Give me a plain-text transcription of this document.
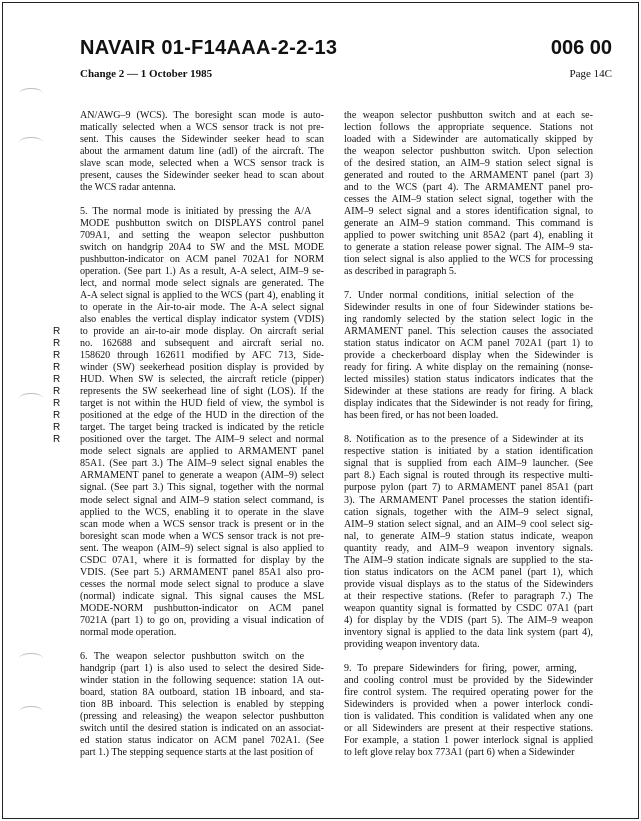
NAVAIR 01-F14AAA-2-2-13	006 00
Change 2 — 1 October 1985	Page 14C
AN/AWG–9 (WCS). The boresight scan mode is auto-
matically selected when a WCS sensor track is not pre-
sent. This causes the Sidewinder seeker head to scan
about the armament datum line (adl) of the aircraft. The
slave scan mode, selected when a WCS sensor track is
present, causes the Sidewinder seeker head to scan about
the WCS radar antenna.
5. The normal mode is initiated by pressing the A/A
MODE pushbutton switch on DISPLAYS control panel
709A1, and setting the weapon selector pushbutton
switch on handgrip 20A4 to SW and the MSL MODE
pushbutton-indicator on ACM panel 702A1 for NORM
operation. (See part 1.) As a result, A-A select, AIM–9 se-
lect, and normal mode select signals are generated. The
A-A select signal is applied to the WCS (part 4), enabling it
to operate in the Air-to-air mode. The A-A select signal
also enables the vertical display indicator system (VDIS)
to provide an air-to-air mode display. On aircraft serial
R
no. 162688 and subsequent and aircraft serial no.
R
158620 through 162611 modified by AFC 713, Side-
R
winder (SW) seekerhead position display is provided by
R
HUD. When SW is selected, the aircraft reticle (pipper)
R
represents the SW seekerhead line of sight (LOS). If the
R
target is not within the HUD field of view, the symbol is
R
positioned at the edge of the HUD in the direction of the
R
target. The target being tracked is indicated by the reticle
R
positioned over the target. The AIM–9 select and normal
R
mode select signals are applied to ARMAMENT panel
85A1. (See part 3.) The AIM–9 select signal enables the
ARMAMENT panel to generate a weapon (AIM–9) select
signal. (See part 3.) This signal, together with the normal
mode select signal and AIM–9 station select command, is
applied to the WCS, enabling it to operate in the slave
scan mode when a WCS sensor track is present or in the
boresight scan mode when a WCS sensor track is not pre-
sent. The weapon (AIM–9) select signal is also applied to
CSDC 07A1, where it is formatted for display by the
VDIS. (See part 5.) ARMAMENT panel 85A1 also pro-
cesses the normal mode select signal to produce a slave
(normal) indicate signal. This signal causes the MSL
MODE-NORM pushbutton-indicator on ACM panel
7021A (part 1) to go on, providing a visual indication of
normal mode operation.
6. The weapon selector pushbutton switch on the
handgrip (part 1) is also used to select the desired Side-
winder station in the following sequence: station 1A out-
board, station 8A outboard, station 1B inboard, and sta-
tion 8B inboard. This selection is enabled by stepping
(pressing and releasing) the weapon selector pushbutton
switch until the desired station is indicated on an associat-
ed station status indicator on ACM panel 702A1. (See
part 1.) The stepping sequence starts at the last position of
the weapon selector pushbutton switch and at each se-
lection follows the appropriate sequence. Stations not
loaded with a Sidewinder are automatically skipped by
the weapon selector pushbutton switch. Upon selection
of the desired station, an AIM–9 station select signal is
generated and routed to the ARMAMENT panel (part 3)
and to the WCS (part 4). The ARMAMENT panel pro-
cesses the AIM–9 station select signal, together with the
AIM–9 select signal and a stores identification signal, to
generate an AIM–9 station command. This command is
applied to power switching unit 85A2 (part 4), enabling it
to generate a station release power signal. The AIM–9 sta-
tion select signal is also applied to the WCS for processing
as described in paragraph 5.
7. Under normal conditions, initial selection of the
Sidewinder results in one of four Sidewinder stations be-
ing randomly selected by the station select logic in the
ARMAMENT panel. This selection causes the associated
station status indicator on ACM panel 702A1 (part 1) to
provide a checkerboard display when the Sidewinder is
ready for firing. A white display on the remaining (nonse-
lected missiles) station status indicators indicates that the
Sidewinder at these stations are ready for firing. A black
display indicates that the Sidewinder is not ready for firing,
has been fired, or has not been loaded.
8. Notification as to the presence of a Sidewinder at its
respective station is initiated by a station identification
signal that is supplied from each AIM–9 launcher. (See
part 8.) Each signal is routed through its respective multi-
purpose pylon (part 7) to ARMAMENT panel 85A1 (part
3). The ARMAMENT Panel processes the station identifi-
cation signals, together with the AIM–9 select signal,
AIM–9 station select signal, and an AIM–9 cool select sig-
nal, to generate AIM–9 station status indicate, weapon
quantity ready, and AIM–9 weapon inventory signals.
The AIM–9 station indicate signals are supplied to the sta-
tion status indicators on the ACM panel (part 1), which
provide visual displays as to the status of the Sidewinders
at their respective stations. (Refer to paragraph 7.) The
weapon quantity signal is formatted by CSDC 07A1 (part
4) for display by the VDIS (part 5). The AIM–9 weapon
inventory signal is applied to the data link system (part 4),
providing weapon inventory data.
9. To prepare Sidewinders for firing, power, arming,
and cooling control must be provided by the Sidewinder
fire control system. The required operating power for the
Sidewinders is provided when a power interlock condi-
tion is validated. This condition is validated when any one
or all Sidewinders are present at their respective stations.
For example, a station 1 power interlock signal is applied
to left glove relay box 773A1 (part 6) when a Sidewinder
